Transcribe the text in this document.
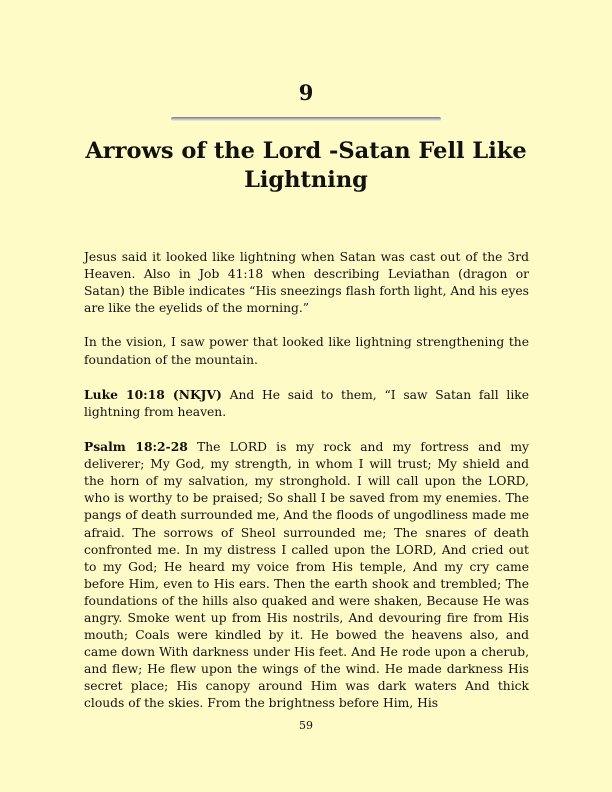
9
Arrows of the Lord -Satan Fell Like Lightning

Jesus said it looked like lightning when Satan was cast out of the 3rd Heaven. Also in Job 41:18 when describing Leviathan (dragon or Satan) the Bible indicates “His sneezings flash forth light, And his eyes are like the eyelids of the morning.”

In the vision, I saw power that looked like lightning strengthening the foundation of the mountain.

Luke 10:18 (NKJV) And He said to them, “I saw Satan fall like lightning from heaven.

Psalm 18:2-28 The LORD is my rock and my fortress and my deliverer; My God, my strength, in whom I will trust; My shield and the horn of my salvation, my stronghold. I will call upon the LORD, who is worthy to be praised; So shall I be saved from my enemies. The pangs of death surrounded me, And the floods of ungodliness made me afraid. The sorrows of Sheol surrounded me; The snares of death confronted me. In my distress I called upon the LORD, And cried out to my God; He heard my voice from His temple, And my cry came before Him, even to His ears. Then the earth shook and trembled; The foundations of the hills also quaked and were shaken, Because He was angry. Smoke went up from His nostrils, And devouring fire from His mouth; Coals were kindled by it. He bowed the heavens also, and came down With darkness under His feet. And He rode upon a cherub, and flew; He flew upon the wings of the wind. He made darkness His secret place; His canopy around Him was dark waters And thick clouds of the skies. From the brightness before Him, His

59
